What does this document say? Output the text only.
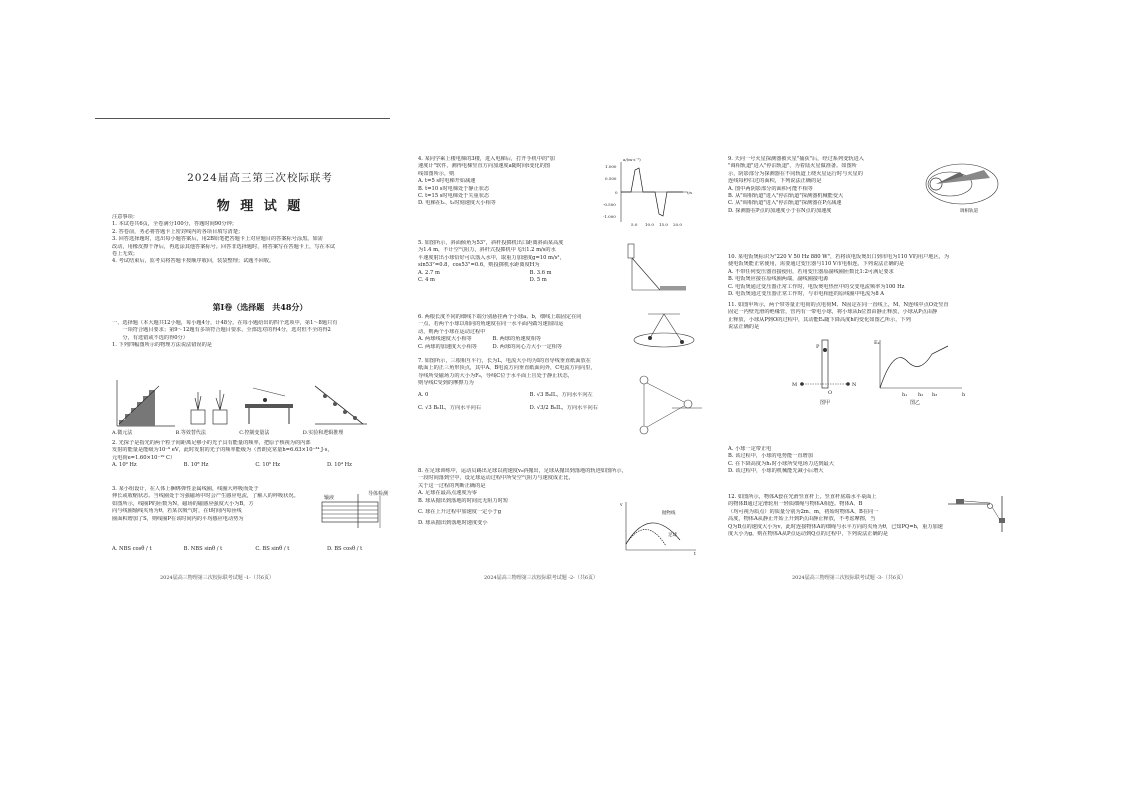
2024届高三第三次校际联考
物 理 试 题
注意事项：
1. 本试卷共6页，全卷满分100分，答题时间90分钟；
2. 答卷前，务必将答题卡上密封线内的各项目填写清楚；
3. 回答选择题时，选出每小题答案后，用2B铅笔把答题卡上对应题目的答案标号涂黑。如需
改动，用橡皮擦干净后，再选涂其他答案标号。回答非选择题时，将答案写在答题卡上，写在本试
卷上无效；
4. 考试结束后，监考员将答题卡按顺序收回，装袋整理；试题不回收。
第Ⅰ卷（选择题　共48分）
一、选择题（本大题共12小题，每小题4分，计48分。在每小题给出的四个选项中，第1～8题只有
　　一项符合题目要求；第9～12题有多项符合题目要求，全部选对的得4分，选对但不全的得2
　　分，有选错或不选的得0分）
1. 下列四幅图所示的物理方法说法错误的是
A.微元法	B.等效替代法	C.控制变量法	D.实验和逻辑推理
2. 光探子是指光的两个粒子间距离足够小的光子具有能量的频率，把原子核视为的内部
发射的能量是能级为10⁻⁹ eV，此时发射的光子的频率能级为（普朗克常量h=6.63×10⁻³⁴ J·s，
元电荷e=1.60×10⁻¹⁹ C）
A. 10⁹ Hz	B. 10⁸ Hz	C. 10⁵ Hz	D. 10⁴ Hz
3. 某小组设计，在人体上捆绑弹性金属线圈，线圈大呼吸而处于
伸长或收缩状态。当线圈处于匀强磁场中时会产生感应电流，了解人的呼吸状况。
如图所示，线圈P的匝数为N，磁场的磁感应强度大小为B，方
向与线圈轴线夹角为θ。若某次吸气时，在t时间内每匝线
圈面积增加了S，则线圈P在该时间内的平均感应电动势为
输液
导体检测
A. NBS cosθ / t	B. NBS sinθ / t	C. BS sinθ / t	D. BS cosθ / t
2024届高三物理第三次校际联考试题 -1-（共6页）
4. 某同学乘上楼电梯的3楼，进入电梯后，打开手机中的"加
速度计"软件，测得电梯竖直方向加速度a随时间t变化的图
线如图所示，则
A. t=5 s时电梯开始减速
B. t=10 s时电梯处于静止状态
C. t=15 s时电梯处于失重状态
D. 电梯在t₁、t₂时刻速度大小相等
a/(m·s⁻²)
t/s
1.000
0.500
0
-0.500
-1.000
5.0 10.0 15.0 20.0
5. 如图所示，斜面倾角为53°，斜杆投掷机出口距离斜面某高度
为1.4 m，不计空气阻力，斜杆式投掷机中飞出1.2 m/s的水
平速度射出小球恰好可以落入水中，取重力加速度g=10 m/s²，
sin53°=0.8，cos53°=0.6，则投掷机水距离度H为
A. 2.7 m	B. 3.6 m
C. 4 m	D. 5 m
6. 两根长度不同的细线下端分别悬挂两个小球a、b，细线上端固定在同
一点，若两个小球以相同的角速度在同一水平面内做匀速圆周运
动，则两个小球在运动过程中
A. 两球线速度大小相等　　　　B. 两球的角速度相等
C. 两球的加速度大小相等　　　D. 两球的向心力大小一定相等
7. 如图所示，三根相互平行，长为L，电流大小均为I的直导线垂直纸面放在
纸面上的正三角形顶点，其中A、B电流方向垂直纸面向外，C电流方向向里，
导线所受磁场力的大小为F₀，导线C位于水平面上且处于静止状态，
则导线C受到的摩擦力为
A. 0	B. √3 B₀IL，方向水平向左
C. √3 B₀IL，方向水平向右	D. √3/2 B₀IL，方向水平向右
8. 在足球训练中，运动员踢出足球以初速度v₀斜抛出，足球从抛出到落地的轨迹如图所示，
一段时间落到空中，设足球运动过程中所受空气阻力与速度成正比，
关于这一过程的判断正确的是
A. 足球在最高点速度为零
B. 球从抛出到落地的时间比无阻力时短
C. 球在上升过程中加速度一定小于g
D. 球从抛出到落地时速度变小
v
t
抛物线
足球
2024届高三物理第三次校际联考试题 -2-（共6页）
9. 天问一号火星探测器被火星"捕获"后，经过系列变轨进入
"调相轨道"进入"停泊轨道"，为着陆火星做准备。如图所
示，阴影部分为探测器在不同轨道上绕火星运行时与火星的
连线每秒扫过的面积，下列说法正确的是
A. 图中两阴影部分的面积可能不相等
B. 从"调相轨道"进入"停泊轨道"探测器机械能变大
C. 从"调相轨道"进入"停泊轨道"探测器在P点减速
D. 探测器在P点的加速度小于在N点的加速度	调相轨道
10. 某电饭煲标识为"220 V 50 Hz 880 W"，若将该电饭煲出口到市电为110 V的用户地区，为
使电饭煲能正常使用，需要通过变压器与110 V市电相连。下列说法正确的是
A. 不带任何变压器直接使用，若用变压器原副线圈匝数比1:2可满足要求
B. 电饭煲应接在原线圈两端，副线圈接电源
C. 电饭煲通过变压器正常工作时，电饭煲电热丝中的交变电流频率为100 Hz
D. 电饭煲通过变压器正常工作时，与市电相连的原线圈中电流为8 A
11. 如图甲所示，两个带等量正电荷的点电荷M、N固定在同一直线上，M、N连线中点O处竖直
固定一内壁光滑的绝缘管，管内有一带电小球，将小球从h位置由静止释放，小球从P点由静
止释放，小球从P到O的过程中，其动能Eₖ随下降高度h的变化如图乙所示，下列
说法正确的是
M	N
O
P
图甲
Eₖ
h
h₁ h₂ h₃
图乙
A. 小球一定带正电
B. 该过程中，小球的电势能一直增加
C. 在下降高度为h₁时小球所受电场力达到最大
D. 该过程中，小球的机械能先减小后增大
12. 如图所示，物体A套在光滑竖直杆上，竖直杆底端水平桌面上
的物体B通过定滑轮用一轻质细绳与物体A相连。物体A、B
（均可视为质点）的质量分别为2m、m，初始时物体A、B在同一
高度，物体A从静止开始上升到P点由静止释放，不考虑摩擦，当
Q为B点的速度大小为v，此时连接物体A的细绳与水平方向的夹角为θ，已知PQ=h，重力加速
度大小为g，则在物体A从P点运动到Q点的过程中，下列说法正确的是
2024届高三物理第三次校际联考试题 -3-（共6页）
